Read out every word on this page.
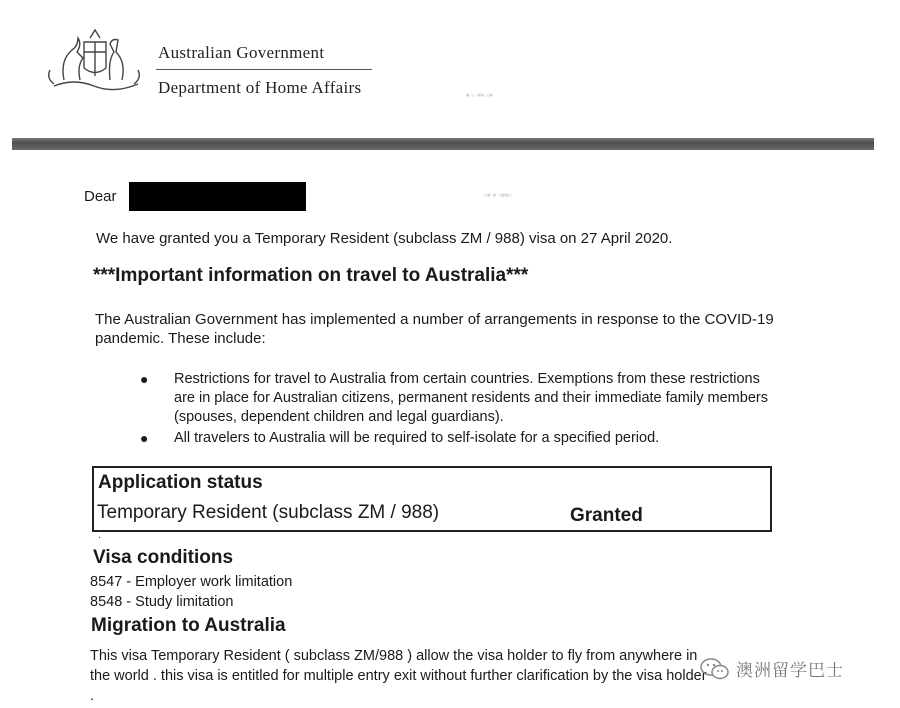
Australian Government
Department of Home Affairs	▪ ▫ ▪▪ ▫▪
▫▪ ▪ ▫▪▪▫
Dear
We have granted you a Temporary Resident (subclass ZM / 988) visa on 27 April 2020.
***Important information on travel to Australia***
The Australian Government has implemented a number of arrangements in response to the COVID-19 pandemic. These include:
● Restrictions for travel to Australia from certain countries. Exemptions from these restrictions are in place for Australian citizens, permanent residents and their immediate family members (spouses, dependent children and legal guardians).
● All travelers to Australia will be required to self-isolate for a specified period.
Application status
Temporary Resident (subclass ZM / 988)	Granted
⁚
Visa conditions
8547 - Employer work limitation
8548 - Study limitation
Migration to Australia
This visa Temporary Resident ( subclass ZM/988 ) allow the visa holder to fly from anywhere in the world . this visa is entitled for multiple entry exit without further clarification by the visa holder .
澳洲留学巴士
